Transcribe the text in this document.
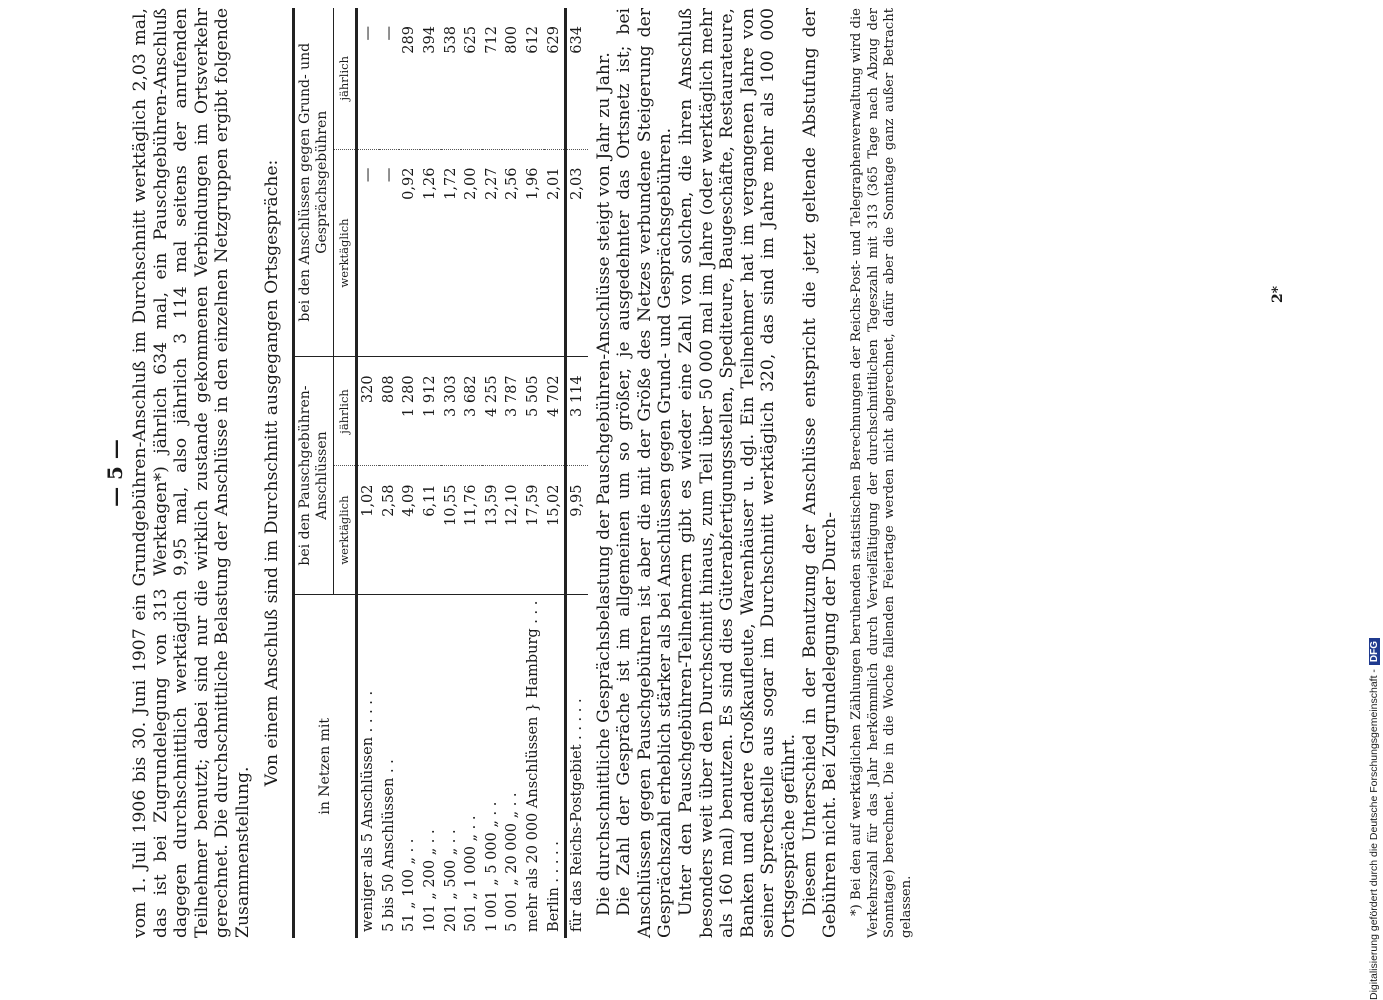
— 5 — vom 1. Juli 1906 bis 30. Juni 1907 ein Grundgebühren-Anschluß im Durchschnitt werktäglich 2,03 mal, das ist bei Zugrundelegung von 313 Werktagen*) jährlich 634 mal, ein Pauschgebühren-Anschluß dagegen durchschnittlich werktäglich 9,95 mal, also jährlich 3 114 mal seitens der anrufenden Teilnehmer benutzt; dabei sind nur die wirklich zustande gekommenen Verbindungen im Ortsverkehr gerechnet. Die durchschnittliche Belastung der Anschlüsse in den einzelnen Netzgruppen ergibt folgende Zusammenstellung.

Von einem Anschluß sind im Durchschnitt ausgegangen Ortsgespräche:	in Netzen mit	bei den Pauschgebühren-Anschlüssen		bei den Anschlüssen gegen Grund- und Gesprächsgebühren	
	werktäglich	jährlich	werktäglich	jährlich
weniger als 5 Anschlüssen . . . . .	1,02	320	—	—
5 bis 50 Anschlüssen . .	2,58	808	—	—
51 „ 100 „ . .	4,09	1 280	0,92	289
101 „ 200 „ . .	6,11	1 912	1,26	394
201 „ 500 „ . .	10,55	3 303	1,72	538
501 „ 1 000 „ . .	11,76	3 682	2,00	625
1 001 „ 5 000 „ . .	13,59	4 255	2,27	712
5 001 „ 20 000 „ . .	12,10	3 787	2,56	800
mehr als 20 000 Anschlüssen } Hamburg . . .	17,59	5 505	1,96	612
Berlin . . . . .	15,02	4 702	2,01	629
für das Reichs-Postgebiet . . . . .	9,95	3 114	2,03	634

Die durchschnittliche Gesprächsbelastung der Pauschgebühren-Anschlüsse steigt von Jahr zu Jahr. Die Zahl der Gespräche ist im allgemeinen um so größer, je ausgedehnter das Ortsnetz ist; bei Anschlüssen gegen Pauschgebühren ist aber die mit der Größe des Netzes verbundene Steigerung der Gesprächszahl erheblich stärker als bei Anschlüssen gegen Grund- und Gesprächsgebühren. Unter den Pauschgebühren-Teilnehmern gibt es wieder eine Zahl von solchen, die ihren Anschluß besonders weit über den Durchschnitt hinaus, zum Teil über 50 000 mal im Jahre (oder werktäglich mehr als 160 mal) benutzen. Es sind dies Güterabfertigungsstellen, Spediteure, Baugeschäfte, Restaurateure, Banken und andere Großkaufleute, Warenhäuser u. dgl. Ein Teilnehmer hat im vergangenen Jahre von seiner Sprechstelle aus sogar im Durchschnitt werktäglich 320, das sind im Jahre mehr als 100 000 Ortsgespräche geführt. Diesem Unterschied in der Benutzung der Anschlüsse entspricht die jetzt geltende Abstufung der Gebühren nicht. Bei Zugrundelegung der Durch- *) Bei den auf werktäglichen Zählungen beruhenden statistischen Berechnungen der Reichs-Post- und Telegraphenverwaltung wird die Verkehrszahl für das Jahr herkömmlich durch Vervielfältigung der durchschnittlichen Tageszahl mit 313 (365 Tage nach Abzug der Sonntage) berechnet. Die in die Woche fallenden Feiertage werden nicht abgerechnet, dafür aber die Sonntage ganz außer Betracht gelassen.
2*
Digitalisierung gefördert durch die Deutsche Forschungsgemeinschaft -DFG
